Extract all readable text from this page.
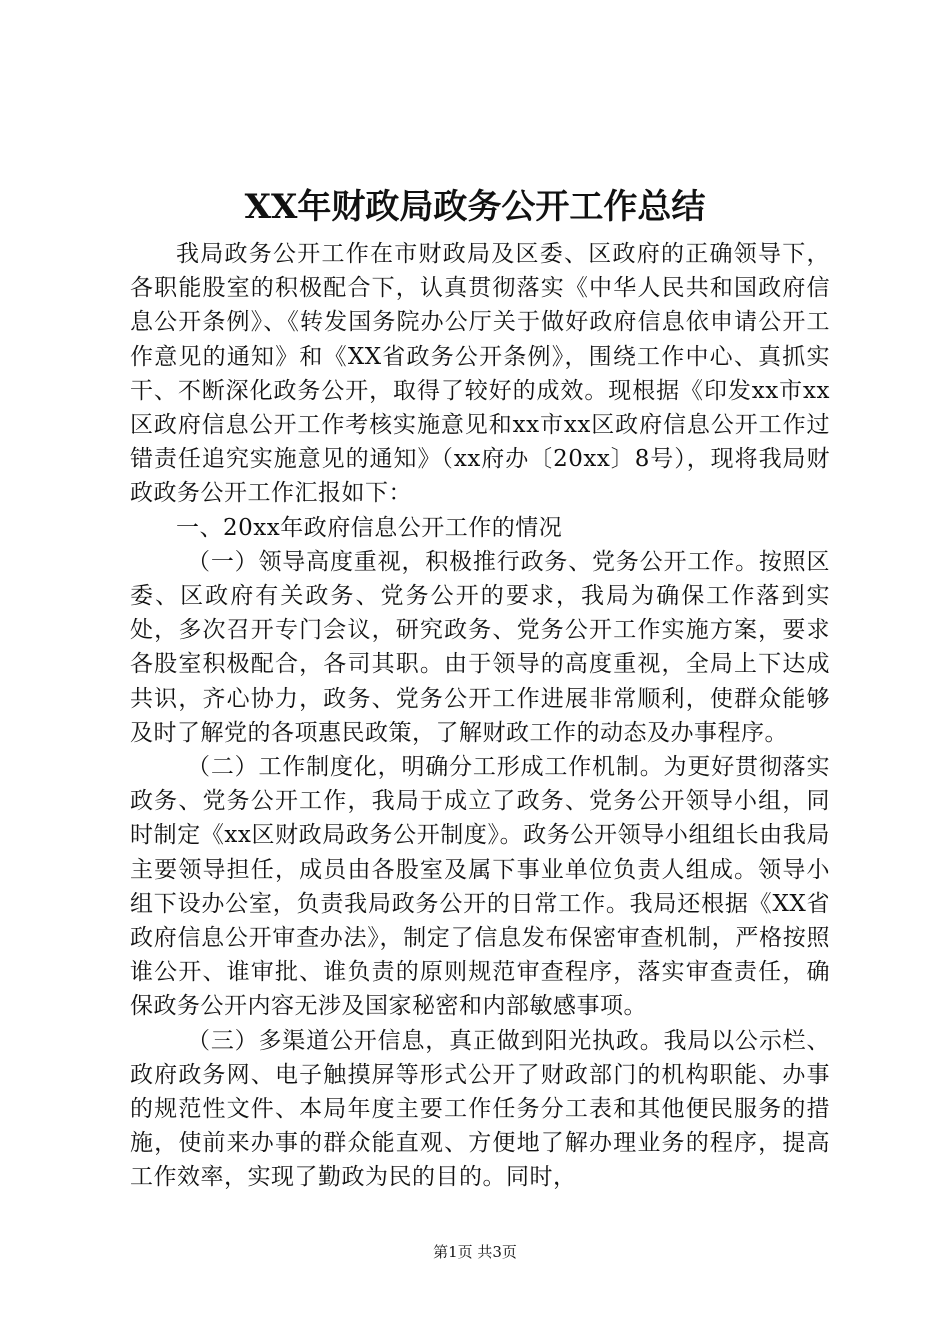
XX年财政局政务公开工作总结

我局政务公开工作在市财政局及区委、区政府的正确领导下，各职能股室的积极配合下，认真贯彻落实《中华人民共和国政府信息公开条例》、《转发国务院办公厅关于做好政府信息依申请公开工作意见的通知》和《XX省政务公开条例》，围绕工作中心、真抓实干、不断深化政务公开，取得了较好的成效。现根据《印发xx市xx区政府信息公开工作考核实施意见和xx市xx区政府信息公开工作过错责任追究实施意见的通知》（xx府办〔20xx〕8号），现将我局财政政务公开工作汇报如下：

一、20xx年政府信息公开工作的情况

（一）领导高度重视，积极推行政务、党务公开工作。按照区委、区政府有关政务、党务公开的要求，我局为确保工作落到实处，多次召开专门会议，研究政务、党务公开工作实施方案，要求各股室积极配合，各司其职。由于领导的高度重视，全局上下达成共识，齐心协力，政务、党务公开工作进展非常顺利，使群众能够及时了解党的各项惠民政策，了解财政工作的动态及办事程序。

（二）工作制度化，明确分工形成工作机制。为更好贯彻落实政务、党务公开工作，我局于成立了政务、党务公开领导小组，同时制定《xx区财政局政务公开制度》。政务公开领导小组组长由我局主要领导担任，成员由各股室及属下事业单位负责人组成。领导小组下设办公室，负责我局政务公开的日常工作。我局还根据《XX省政府信息公开审查办法》，制定了信息发布保密审查机制，严格按照谁公开、谁审批、谁负责的原则规范审查程序，落实审查责任，确保政务公开内容无涉及国家秘密和内部敏感事项。

（三）多渠道公开信息，真正做到阳光执政。我局以公示栏、政府政务网、电子触摸屏等形式公开了财政部门的机构职能、办事的规范性文件、本局年度主要工作任务分工表和其他便民服务的措施，使前来办事的群众能直观、方便地了解办理业务的程序，提高工作效率，实现了勤政为民的目的。同时，

第1页 共3页
